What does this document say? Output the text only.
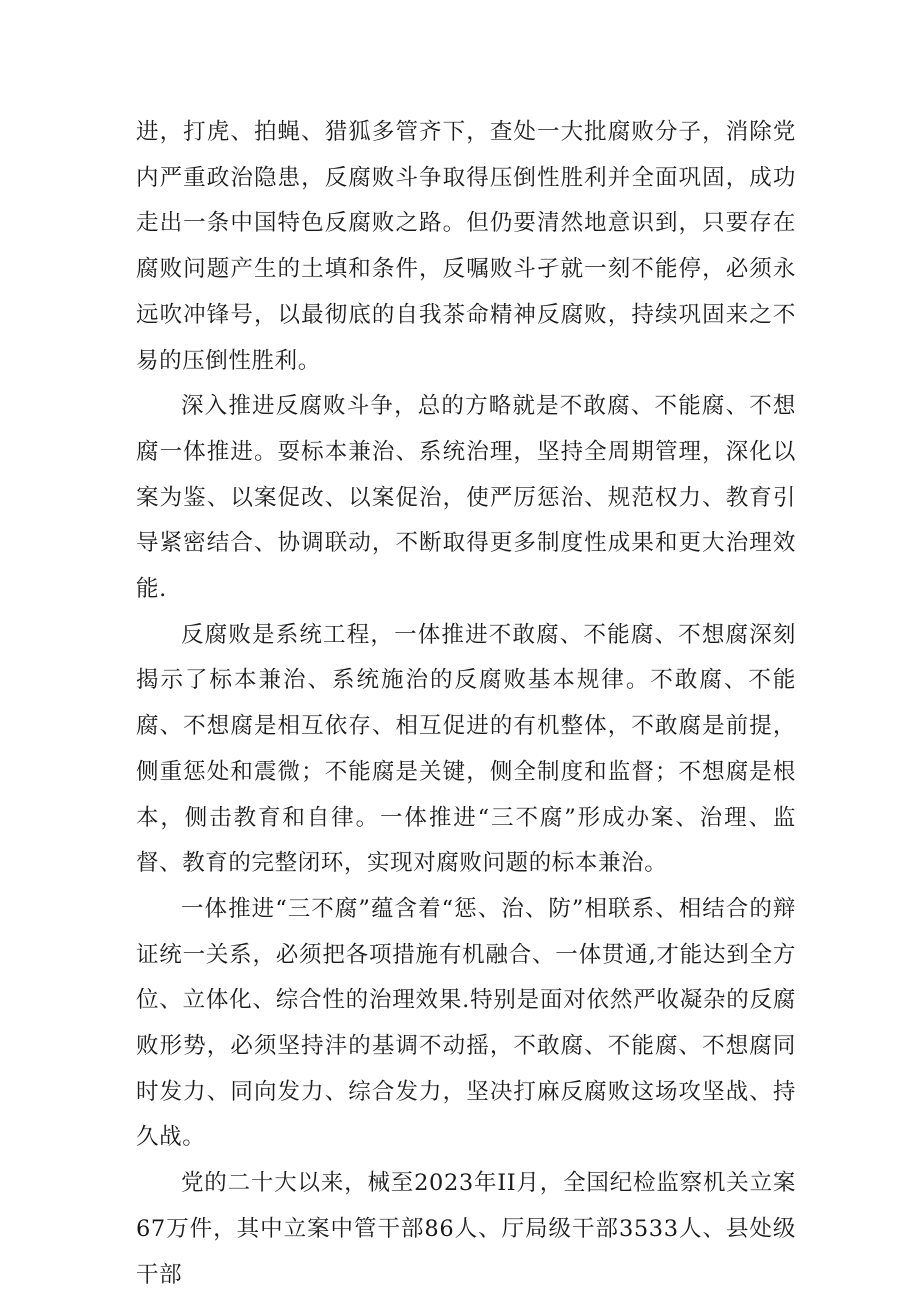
进，打虎、拍蝇、猎狐多管齐下，查处一大批腐败分子，消除党内严重政治隐患，反腐败斗争取得压倒性胜利并全面巩固，成功走出一条中国特色反腐败之路。但仍要清然地意识到，只要存在腐败问题产生的土填和条件，反嘱败斗孑就一刻不能停，必须永远吹冲锋号，以最彻底的自我茶命精神反腐败，持续巩固来之不易的压倒性胜利。

深入推进反腐败斗争，总的方略就是不敢腐、不能腐、不想腐一体推进。耍标本兼治、系统治理，坚持全周期管理，深化以案为鉴、以案促改、以案促治，使严厉惩治、规范权力、教育引导紧密结合、协调联动，不断取得更多制度性成果和更大治理效能.

反腐败是系统工程，一体推进不敢腐、不能腐、不想腐深刻揭示了标本兼治、系统施治的反腐败基本规律。不敢腐、不能腐、不想腐是相互依存、相互促进的有机整体，不敢腐是前提，侧重惩处和震微；不能腐是关键，侧全制度和监督；不想腐是根本，侧击教育和自律。一体推进“三不腐”形成办案、治理、监督、教育的完整闭环，实现对腐败问题的标本兼治。

一体推进“三不腐”蕴含着“惩、治、防”相联系、相结合的辩证统一关系，必须把各项措施有机融合、一体贯通,才能达到全方位、立体化、综合性的治理效果.特别是面对依然严收凝杂的反腐败形势，必须坚持沣的基调不动摇，不敢腐、不能腐、不想腐同时发力、同向发力、综合发力，坚决打麻反腐败这场攻坚战、持久战。

党的二十大以来，械至2023年II月，全国纪检监察机关立案67万件，其中立案中管干部86人、厅局级干部3533人、县处级干部
